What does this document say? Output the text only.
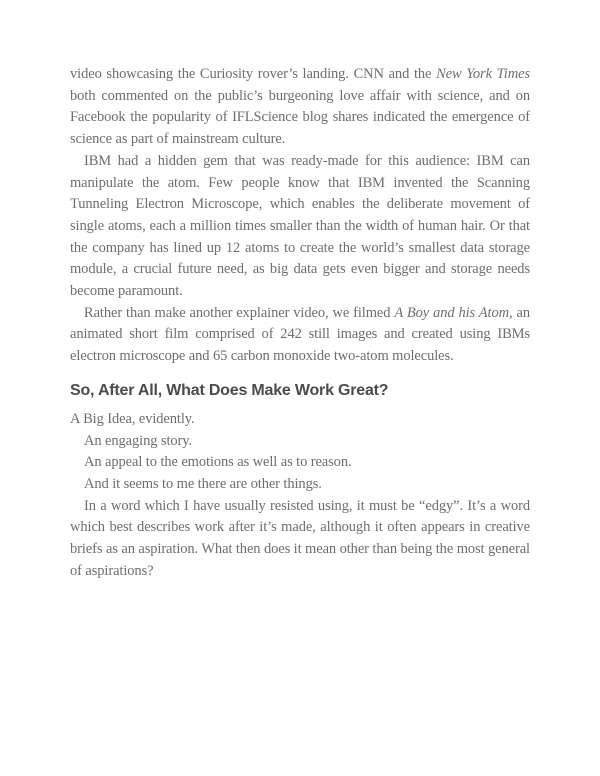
video showcasing the Curiosity rover’s landing. CNN and the New York Times both commented on the public’s burgeoning love affair with science, and on Facebook the popularity of IFLScience blog shares indicated the emergence of science as part of mainstream culture.

IBM had a hidden gem that was ready-made for this audience: IBM can manipulate the atom. Few people know that IBM invented the Scanning Tunneling Electron Microscope, which enables the deliberate movement of single atoms, each a million times smaller than the width of human hair. Or that the company has lined up 12 atoms to create the world’s smallest data storage module, a crucial future need, as big data gets even bigger and storage needs become paramount.

Rather than make another explainer video, we filmed A Boy and his Atom, an animated short film comprised of 242 still images and created using IBMs electron microscope and 65 carbon monoxide two-atom molecules.

So, After All, What Does Make Work Great?

A Big Idea, evidently.

An engaging story.

An appeal to the emotions as well as to reason.

And it seems to me there are other things.

In a word which I have usually resisted using, it must be “edgy”. It’s a word which best describes work after it’s made, although it often appears in creative briefs as an aspiration. What then does it mean other than being the most general of aspirations?
